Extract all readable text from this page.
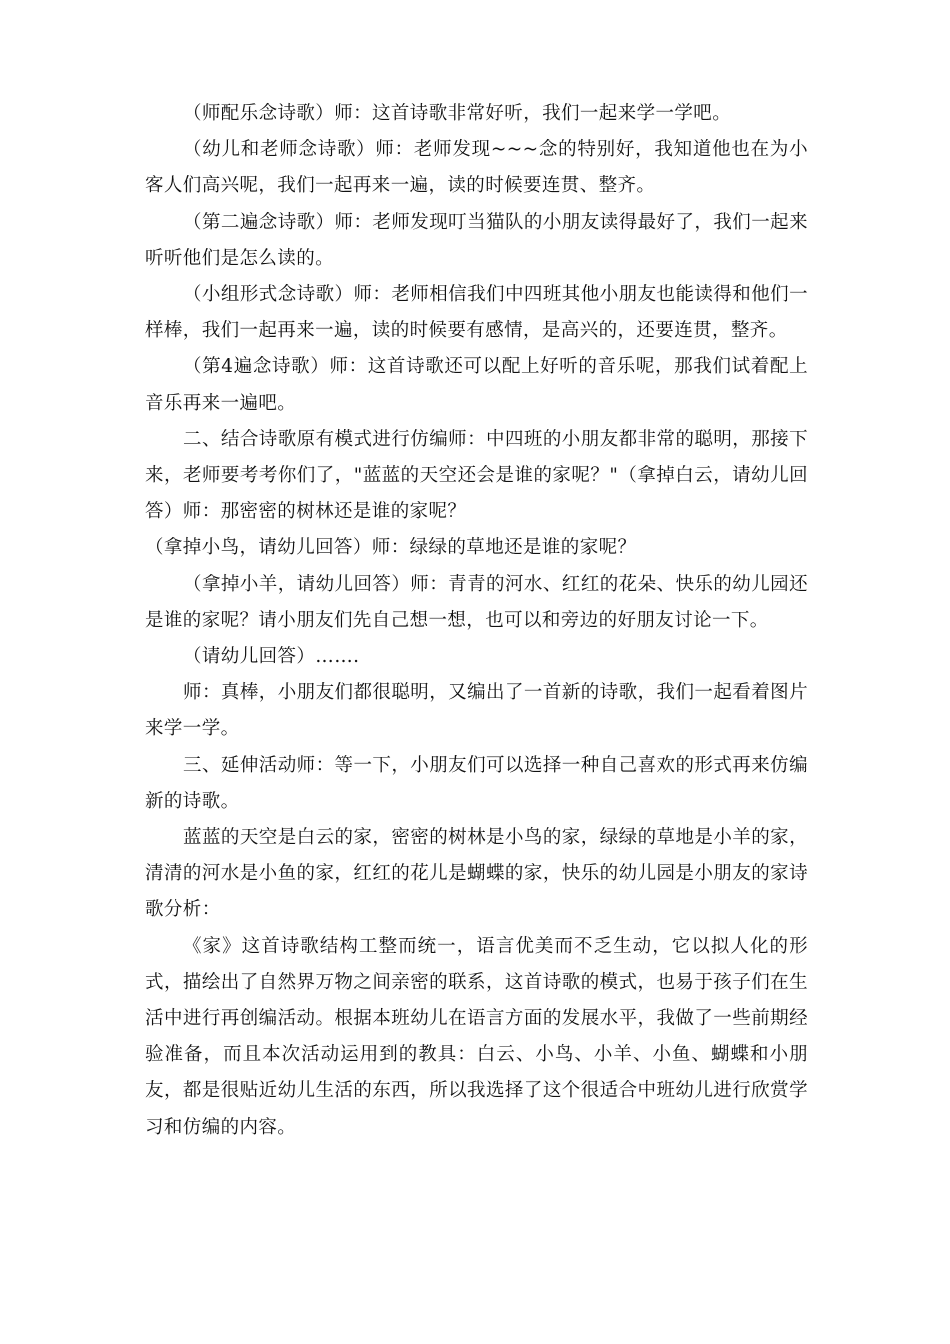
（师配乐念诗歌）师：这首诗歌非常好听，我们一起来学一学吧。

（幼儿和老师念诗歌）师：老师发现~~~念的特别好，我知道他也在为小客人们高兴呢，我们一起再来一遍，读的时候要连贯、整齐。

（第二遍念诗歌）师：老师发现叮当猫队的小朋友读得最好了，我们一起来听听他们是怎么读的。

（小组形式念诗歌）师：老师相信我们中四班其他小朋友也能读得和他们一样棒，我们一起再来一遍，读的时候要有感情，是高兴的，还要连贯，整齐。

（第4遍念诗歌）师：这首诗歌还可以配上好听的音乐呢，那我们试着配上音乐再来一遍吧。

二、结合诗歌原有模式进行仿编师：中四班的小朋友都非常的聪明，那接下来，老师要考考你们了，"蓝蓝的天空还会是谁的家呢？"（拿掉白云，请幼儿回答）师：那密密的树林还是谁的家呢？

（拿掉小鸟，请幼儿回答）师：绿绿的草地还是谁的家呢？

（拿掉小羊，请幼儿回答）师：青青的河水、红红的花朵、快乐的幼儿园还是谁的家呢？请小朋友们先自己想一想，也可以和旁边的好朋友讨论一下。

（请幼儿回答）…….

师：真棒，小朋友们都很聪明，又编出了一首新的诗歌，我们一起看着图片来学一学。

三、延伸活动师：等一下，小朋友们可以选择一种自己喜欢的形式再来仿编新的诗歌。

蓝蓝的天空是白云的家，密密的树林是小鸟的家，绿绿的草地是小羊的家，清清的河水是小鱼的家，红红的花儿是蝴蝶的家，快乐的幼儿园是小朋友的家诗歌分析：

《家》这首诗歌结构工整而统一，语言优美而不乏生动，它以拟人化的形式，描绘出了自然界万物之间亲密的联系，这首诗歌的模式，也易于孩子们在生活中进行再创编活动。根据本班幼儿在语言方面的发展水平，我做了一些前期经验准备，而且本次活动运用到的教具：白云、小鸟、小羊、小鱼、蝴蝶和小朋友，都是很贴近幼儿生活的东西，所以我选择了这个很适合中班幼儿进行欣赏学习和仿编的内容。
